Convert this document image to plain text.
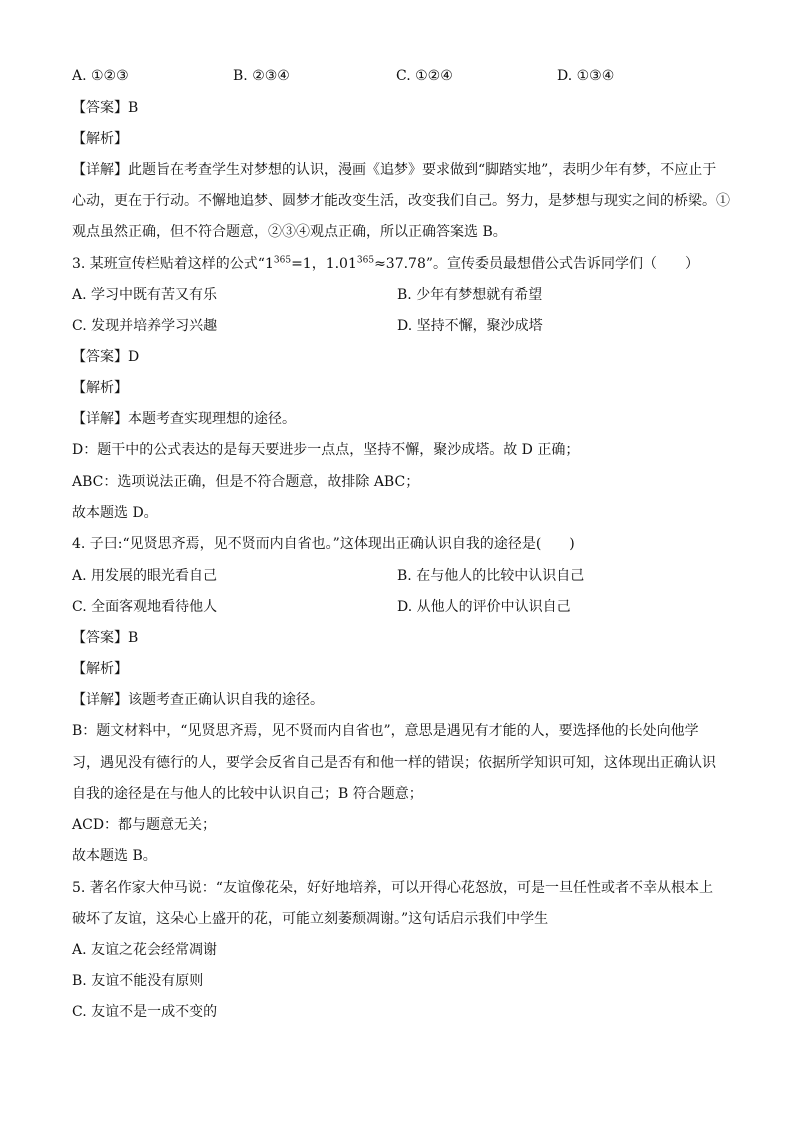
A. ①②③	B. ②③④	C. ①②④	D. ①③④
【答案】B
【解析】
【详解】此题旨在考查学生对梦想的认识，漫画《追梦》要求做到“脚踏实地”，表明少年有梦，不应止于
心动，更在于行动。不懈地追梦、圆梦才能改变生活，改变我们自己。努力，是梦想与现实之间的桥梁。①
观点虽然正确，但不符合题意，②③④观点正确，所以正确答案选 B。
3. 某班宣传栏贴着这样的公式“$1^{365}=1$，$1.01^{365}\approx 37.78$”。宣传委员最想借公式告诉同学们（　　）
A. 学习中既有苦又有乐	B. 少年有梦想就有希望
C. 发现并培养学习兴趣	D. 坚持不懈，聚沙成塔
【答案】D
【解析】
【详解】本题考查实现理想的途径。
D：题干中的公式表达的是每天要进步一点点，坚持不懈，聚沙成塔。故 D 正确；
ABC：选项说法正确，但是不符合题意，故排除 ABC；
故本题选 D。
4. 子曰:“见贤思齐焉，见不贤而内自省也。”这体现出正确认识自我的途径是(　　)
A. 用发展的眼光看自己	B. 在与他人的比较中认识自己
C. 全面客观地看待他人	D. 从他人的评价中认识自己
【答案】B
【解析】
【详解】该题考查正确认识自我的途径。
B：题文材料中，“见贤思齐焉，见不贤而内自省也”，意思是遇见有才能的人，要选择他的长处向他学
习，遇见没有德行的人，要学会反省自己是否有和他一样的错误；依据所学知识可知，这体现出正确认识
自我的途径是在与他人的比较中认识自己；B 符合题意；
ACD：都与题意无关；
故本题选 B。
5. 著名作家大仲马说：“友谊像花朵，好好地培养，可以开得心花怒放，可是一旦任性或者不幸从根本上
破坏了友谊，这朵心上盛开的花，可能立刻萎颓凋谢。”这句话启示我们中学生
A. 友谊之花会经常凋谢
B. 友谊不能没有原则
C. 友谊不是一成不变的
